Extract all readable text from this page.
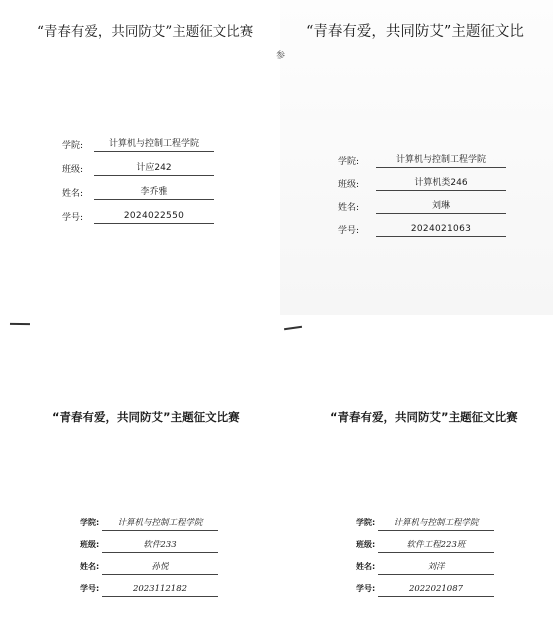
“青春有爱，共同防艾”主题征文比赛
学院:	计算机与控制工程学院
班级:	计应242
姓名:	李乔雅
学号:	2024022550
“青春有爱，共同防艾”主题征文比
学院:	计算机与控制工程学院
班级:	计算机类246
姓名:	刘琳
学号:	2024021063
“青春有爱，共同防艾”主题征文比赛
学院:	计算机与控制工程学院
班级:	软件233
姓名:	孙悦
学号:	2023112182
“青春有爱，共同防艾”主题征文比赛
学院:	计算机与控制工程学院
班级:	软件工程223班
姓名:	刘洋
学号:	2022021087
参
